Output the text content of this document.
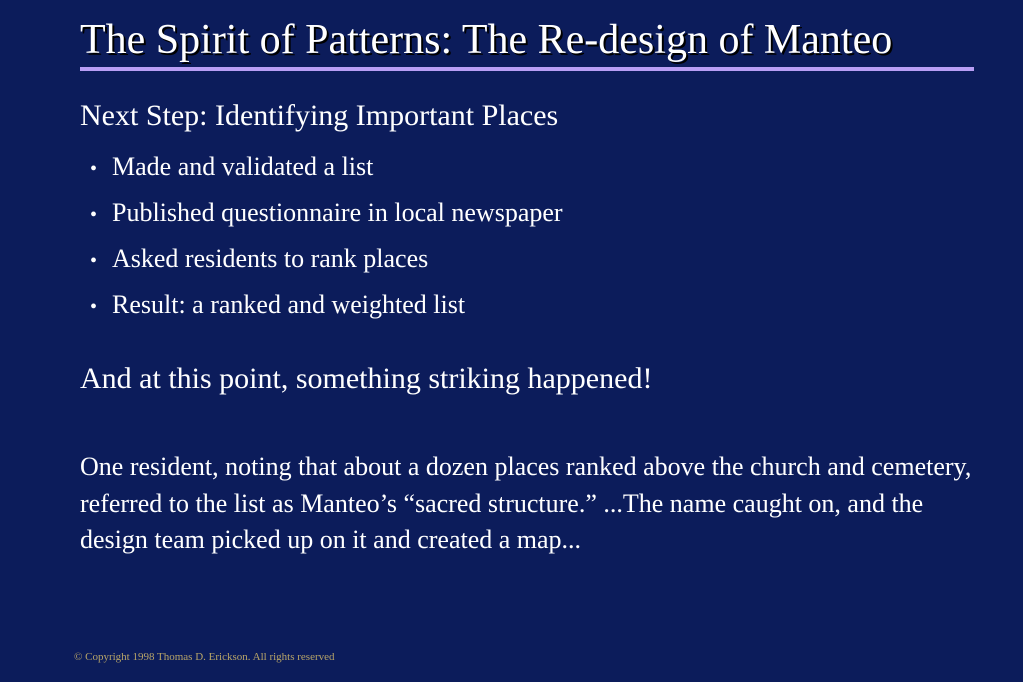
The Spirit of Patterns: The Re-design of Manteo
Next Step: Identifying Important Places
• Made and validated a list
• Published questionnaire in local newspaper
• Asked residents to rank places
• Result: a ranked and weighted list
And at this point, something striking happened!
One resident, noting that about a dozen places ranked above the church and cemetery, referred to the list as Manteo’s “sacred structure.” ...The name caught on, and the design team picked up on it and created a map...
© Copyright 1998 Thomas D. Erickson. All rights reserved
